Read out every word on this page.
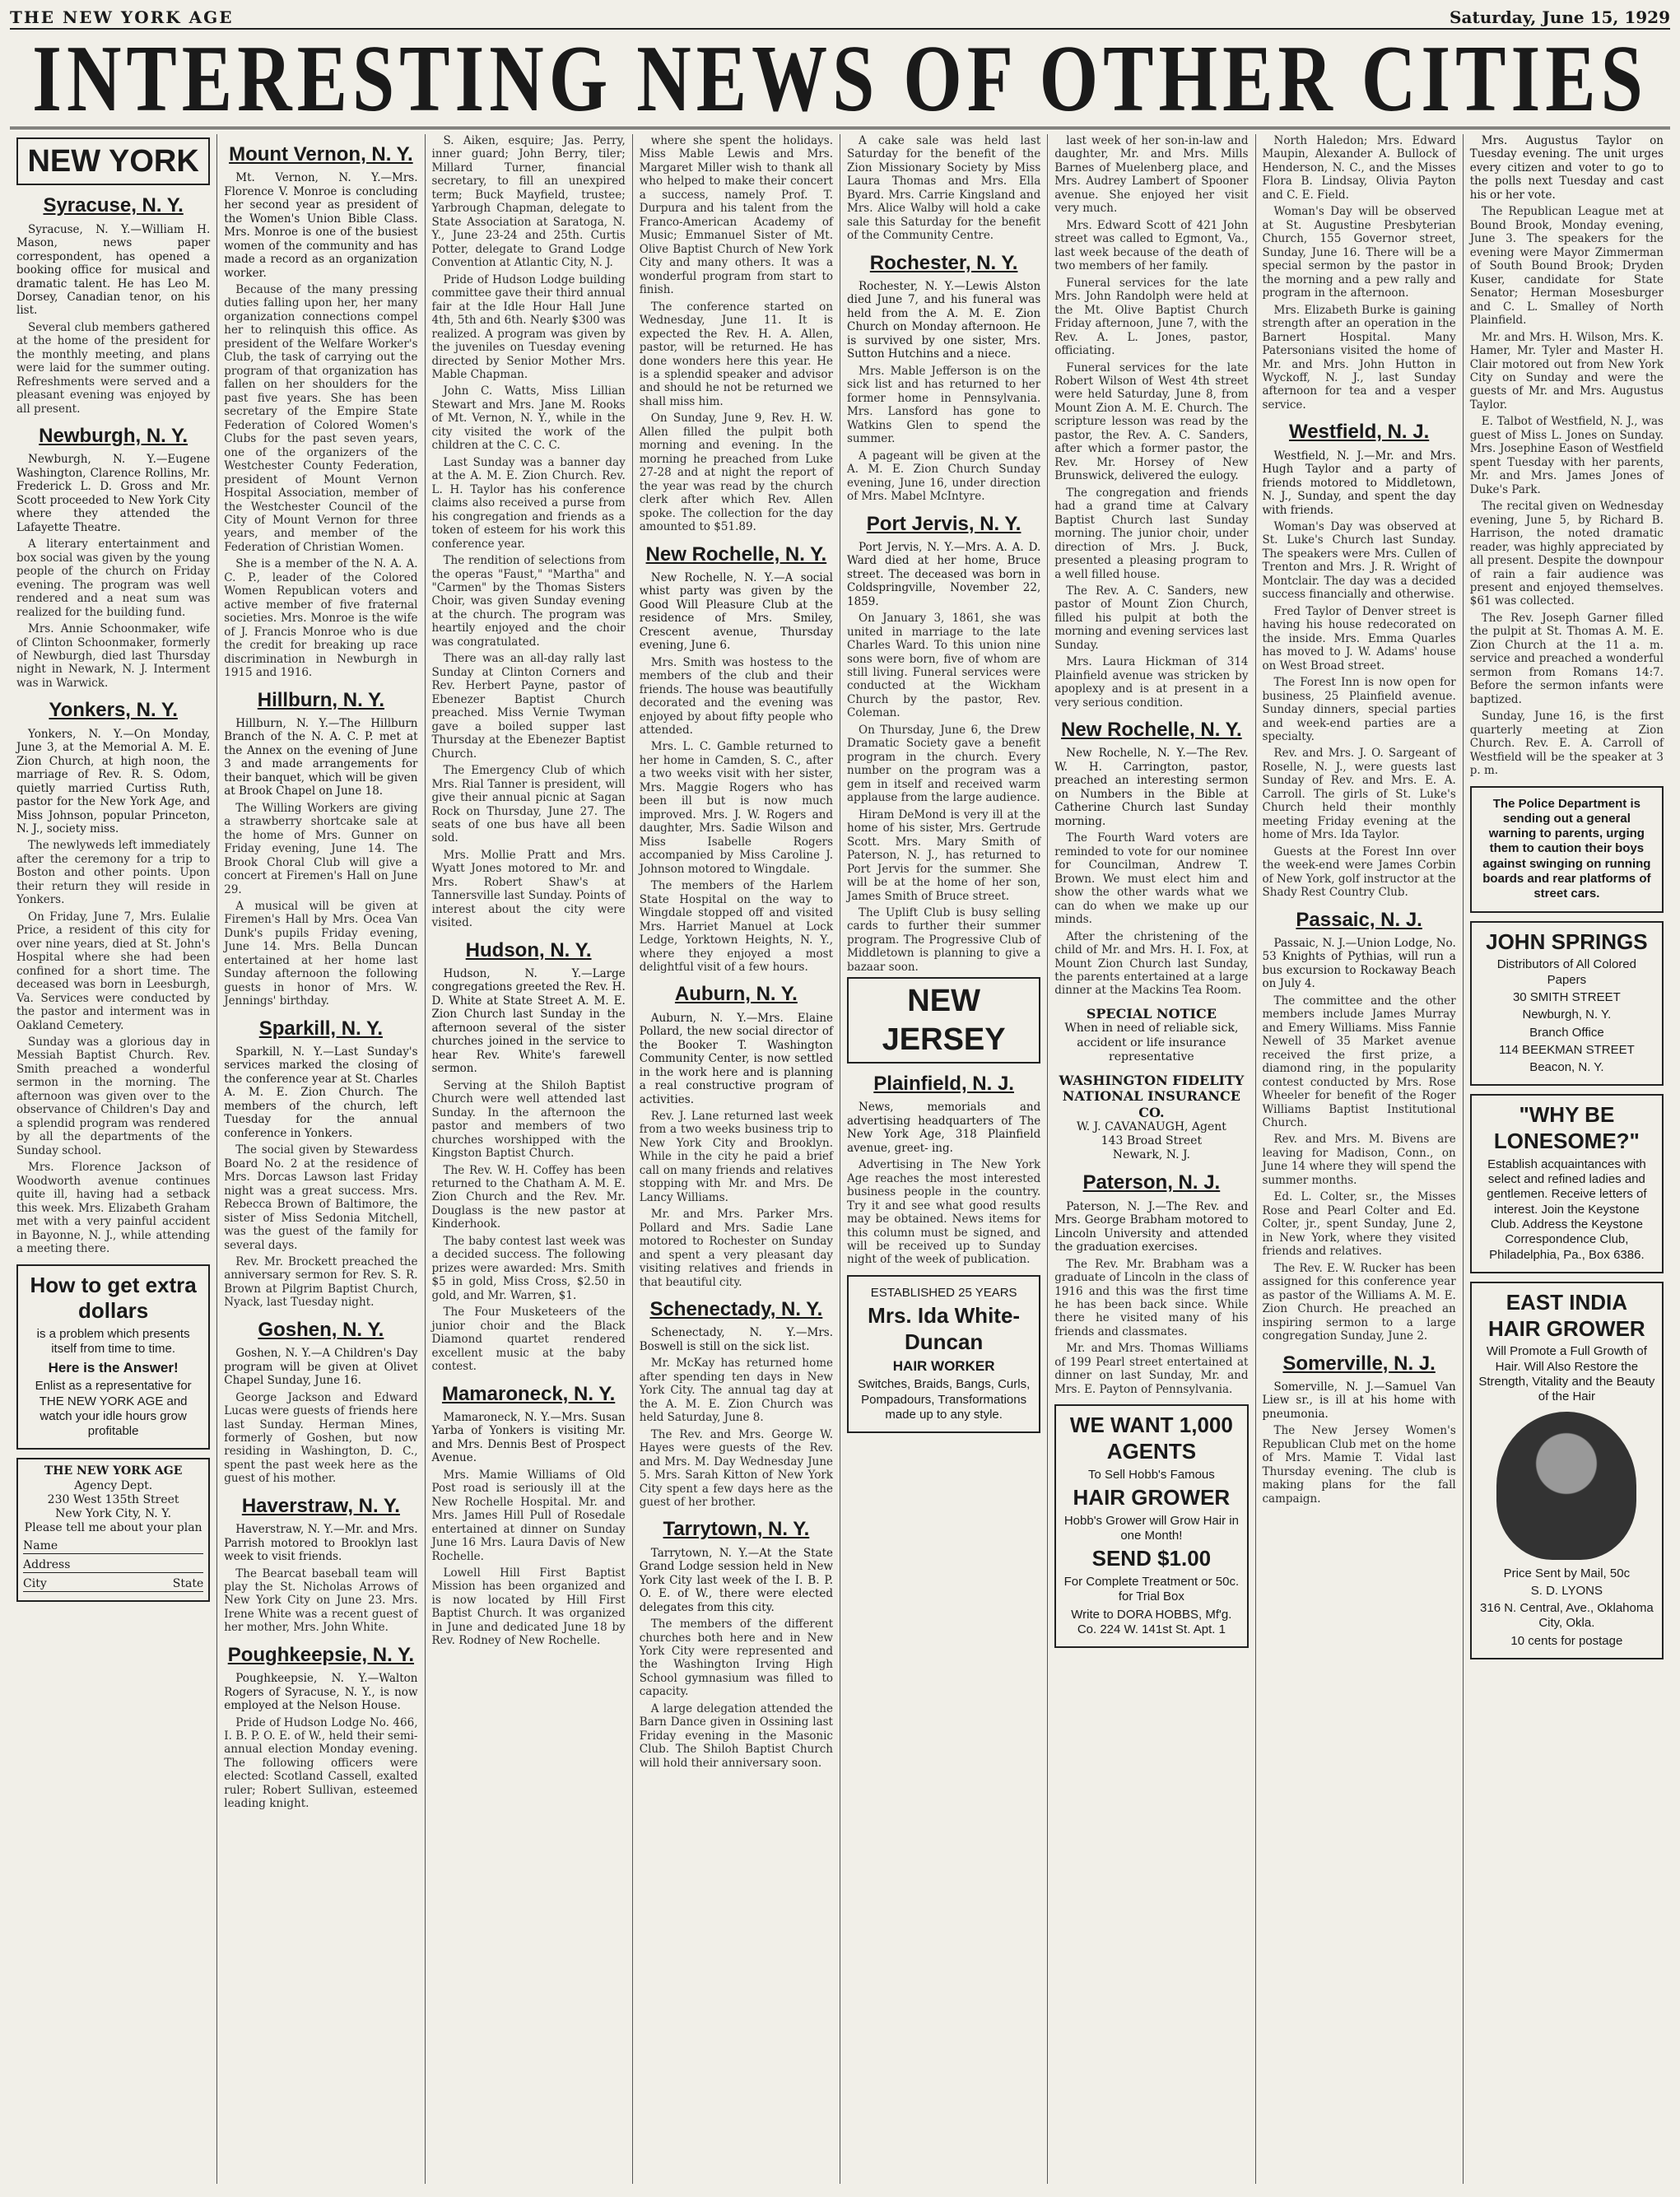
THE NEW YORK AGE	Saturday, June 15, 1929
INTERESTING NEWS OF OTHER CITIES
NEW YORK
Syracuse, N. Y.

Syracuse, N. Y.—William H. Mason, news paper correspondent, has opened a booking office for musical and dramatic talent. He has Leo M. Dorsey, Canadian tenor, on his list.

Several club members gathered at the home of the president for the monthly meeting, and plans were laid for the summer outing. Refreshments were served and a pleasant evening was enjoyed by all present.

Newburgh, N. Y.

Newburgh, N. Y.—Eugene Washington, Clarence Rollins, Mr. Frederick L. D. Gross and Mr. Scott proceeded to New York City where they attended the Lafayette Theatre.

A literary entertainment and box social was given by the young people of the church on Friday evening. The program was well rendered and a neat sum was realized for the building fund.

Mrs. Annie Schoonmaker, wife of Clinton Schoonmaker, formerly of Newburgh, died last Thursday night in Newark, N. J. Interment was in Warwick.

Yonkers, N. Y.

Yonkers, N. Y.—On Monday, June 3, at the Memorial A. M. E. Zion Church, at high noon, the marriage of Rev. R. S. Odom, quietly married Curtiss Ruth, pastor for the New York Age, and Miss Johnson, popular Princeton, N. J., society miss.

The newlyweds left immediately after the ceremony for a trip to Boston and other points. Upon their return they will reside in Yonkers.

On Friday, June 7, Mrs. Eulalie Price, a resident of this city for over nine years, died at St. John's Hospital where she had been confined for a short time. The deceased was born in Leesburgh, Va. Services were conducted by the pastor and interment was in Oakland Cemetery.

Sunday was a glorious day in Messiah Baptist Church. Rev. Smith preached a wonderful sermon in the morning. The afternoon was given over to the observance of Children's Day and a splendid program was rendered by all the departments of the Sunday school.

Mrs. Florence Jackson of Woodworth avenue continues quite ill, having had a setback this week. Mrs. Elizabeth Graham met with a very painful accident in Bayonne, N. J., while attending a meeting there.

How to get extra dollars
is a problem which presents itself from time to time.
Here is the Answer!
Enlist as a representative for THE NEW YORK AGE and watch your idle hours grow profitable
THE NEW YORK AGE
Agency Dept.
230 West 135th Street
New York City, N. Y.
Please tell me about your plan
Name
Address
City	State
Mount Vernon, N. Y.

Mt. Vernon, N. Y.—Mrs. Florence V. Monroe is concluding her second year as president of the Women's Union Bible Class. Mrs. Monroe is one of the busiest women of the community and has made a record as an organization worker.

Because of the many pressing duties falling upon her, her many organization connections compel her to relinquish this office. As president of the Welfare Worker's Club, the task of carrying out the program of that organization has fallen on her shoulders for the past five years. She has been secretary of the Empire State Federation of Colored Women's Clubs for the past seven years, one of the organizers of the Westchester County Federation, president of Mount Vernon Hospital Association, member of the Westchester Council of the City of Mount Vernon for three years, and member of the Federation of Christian Women.

She is a member of the N. A. A. C. P., leader of the Colored Women Republican voters and active member of five fraternal societies. Mrs. Monroe is the wife of J. Francis Monroe who is due the credit for breaking up race discrimination in Newburgh in 1915 and 1916.

Hillburn, N. Y.

Hillburn, N. Y.—The Hillburn Branch of the N. A. C. P. met at the Annex on the evening of June 3 and made arrangements for their banquet, which will be given at Brook Chapel on June 18.

The Willing Workers are giving a strawberry shortcake sale at the home of Mrs. Gunner on Friday evening, June 14. The Brook Choral Club will give a concert at Firemen's Hall on June 29.

A musical will be given at Firemen's Hall by Mrs. Ocea Van Dunk's pupils Friday evening, June 14. Mrs. Bella Duncan entertained at her home last Sunday afternoon the following guests in honor of Mrs. W. Jennings' birthday.

Sparkill, N. Y.

Sparkill, N. Y.—Last Sunday's services marked the closing of the conference year at St. Charles A. M. E. Zion Church. The members of the church, left Tuesday for the annual conference in Yonkers.

The social given by Stewardess Board No. 2 at the residence of Mrs. Dorcas Lawson last Friday night was a great success. Mrs. Rebecca Brown of Baltimore, the sister of Miss Sedonia Mitchell, was the guest of the family for several days.

Rev. Mr. Brockett preached the anniversary sermon for Rev. S. R. Brown at Pilgrim Baptist Church, Nyack, last Tuesday night.

Goshen, N. Y.

Goshen, N. Y.—A Children's Day program will be given at Olivet Chapel Sunday, June 16.

George Jackson and Edward Lucas were guests of friends here last Sunday. Herman Mines, formerly of Goshen, but now residing in Washington, D. C., spent the past week here as the guest of his mother.

Haverstraw, N. Y.

Haverstraw, N. Y.—Mr. and Mrs. Parrish motored to Brooklyn last week to visit friends.

The Bearcat baseball team will play the St. Nicholas Arrows of New York City on June 23. Mrs. Irene White was a recent guest of her mother, Mrs. John White.

Poughkeepsie, N. Y.

Poughkeepsie, N. Y.—Walton Rogers of Syracuse, N. Y., is now employed at the Nelson House.

Pride of Hudson Lodge No. 466, I. B. P. O. E. of W., held their semi-annual election Monday evening. The following officers were elected: Scotland Cassell, exalted ruler; Robert Sullivan, esteemed leading knight.

S. Aiken, esquire; Jas. Perry, inner guard; John Berry, tiler; Millard Turner, financial secretary, to fill an unexpired term; Buck Mayfield, trustee; Yarbrough Chapman, delegate to State Association at Saratoga, N. Y., June 23-24 and 25th. Curtis Potter, delegate to Grand Lodge Convention at Atlantic City, N. J.

Pride of Hudson Lodge building committee gave their third annual fair at the Idle Hour Hall June 4th, 5th and 6th. Nearly $300 was realized. A program was given by the juveniles on Tuesday evening directed by Senior Mother Mrs. Mable Chapman.

John C. Watts, Miss Lillian Stewart and Mrs. Jane M. Rooks of Mt. Vernon, N. Y., while in the city visited the work of the children at the C. C. C.

Last Sunday was a banner day at the A. M. E. Zion Church. Rev. L. H. Taylor has his conference claims also received a purse from his congregation and friends as a token of esteem for his work this conference year.

The rendition of selections from the operas "Faust," "Martha" and "Carmen" by the Thomas Sisters Choir, was given Sunday evening at the church. The program was heartily enjoyed and the choir was congratulated.

There was an all-day rally last Sunday at Clinton Corners and Rev. Herbert Payne, pastor of Ebenezer Baptist Church preached. Miss Vernie Twyman gave a boiled supper last Thursday at the Ebenezer Baptist Church.

The Emergency Club of which Mrs. Rial Tanner is president, will give their annual picnic at Sagan Rock on Thursday, June 27. The seats of one bus have all been sold.

Mrs. Mollie Pratt and Mrs. Wyatt Jones motored to Mr. and Mrs. Robert Shaw's at Tannersville last Sunday. Points of interest about the city were visited.

Hudson, N. Y.

Hudson, N. Y.—Large congregations greeted the Rev. H. D. White at State Street A. M. E. Zion Church last Sunday in the afternoon several of the sister churches joined in the service to hear Rev. White's farewell sermon.

Serving at the Shiloh Baptist Church were well attended last Sunday. In the afternoon the pastor and members of two churches worshipped with the Kingston Baptist Church.

The Rev. W. H. Coffey has been returned to the Chatham A. M. E. Zion Church and the Rev. Mr. Douglass is the new pastor at Kinderhook.

The baby contest last week was a decided success. The following prizes were awarded: Mrs. Smith $5 in gold, Miss Cross, $2.50 in gold, and Mr. Warren, $1.

The Four Musketeers of the junior choir and the Black Diamond quartet rendered excellent music at the baby contest.

Mamaroneck, N. Y.

Mamaroneck, N. Y.—Mrs. Susan Yarba of Yonkers is visiting Mr. and Mrs. Dennis Best of Prospect Avenue.

Mrs. Mamie Williams of Old Post road is seriously ill at the New Rochelle Hospital. Mr. and Mrs. James Hill Pull of Rosedale entertained at dinner on Sunday June 16 Mrs. Laura Davis of New Rochelle.

Lowell Hill First Baptist Mission has been organized and is now located by Hill First Baptist Church. It was organized in June and dedicated June 18 by Rev. Rodney of New Rochelle.

where she spent the holidays. Miss Mable Lewis and Mrs. Margaret Miller wish to thank all who helped to make their concert a success, namely Prof. T. Durpura and his talent from the Franco-American Academy of Music; Emmanuel Sister of Mt. Olive Baptist Church of New York City and many others. It was a wonderful program from start to finish.

The conference started on Wednesday, June 11. It is expected the Rev. H. A. Allen, pastor, will be returned. He has done wonders here this year. He is a splendid speaker and advisor and should he not be returned we shall miss him.

On Sunday, June 9, Rev. H. W. Allen filled the pulpit both morning and evening. In the morning he preached from Luke 27-28 and at night the report of the year was read by the church clerk after which Rev. Allen spoke. The collection for the day amounted to $51.89.

New Rochelle, N. Y.

New Rochelle, N. Y.—A social whist party was given by the Good Will Pleasure Club at the residence of Mrs. Smiley, Crescent avenue, Thursday evening, June 6.

Mrs. Smith was hostess to the members of the club and their friends. The house was beautifully decorated and the evening was enjoyed by about fifty people who attended.

Mrs. L. C. Gamble returned to her home in Camden, S. C., after a two weeks visit with her sister, Mrs. Maggie Rogers who has been ill but is now much improved. Mrs. J. W. Rogers and daughter, Mrs. Sadie Wilson and Miss Isabelle Rogers accompanied by Miss Caroline J. Johnson motored to Wingdale.

The members of the Harlem State Hospital on the way to Wingdale stopped off and visited Mrs. Harriet Manuel at Lock Ledge, Yorktown Heights, N. Y., where they enjoyed a most delightful visit of a few hours.

Auburn, N. Y.

Auburn, N. Y.—Mrs. Elaine Pollard, the new social director of the Booker T. Washington Community Center, is now settled in the work here and is planning a real constructive program of activities.

Rev. J. Lane returned last week from a two weeks business trip to New York City and Brooklyn. While in the city he paid a brief call on many friends and relatives stopping with Mr. and Mrs. De Lancy Williams.

Mr. and Mrs. Parker Mrs. Pollard and Mrs. Sadie Lane motored to Rochester on Sunday and spent a very pleasant day visiting relatives and friends in that beautiful city.

Schenectady, N. Y.

Schenectady, N. Y.—Mrs. Boswell is still on the sick list.

Mr. McKay has returned home after spending ten days in New York City. The annual tag day at the A. M. E. Zion Church was held Saturday, June 8.

The Rev. and Mrs. George W. Hayes were guests of the Rev. and Mrs. M. Day Wednesday June 5. Mrs. Sarah Kitton of New York City spent a few days here as the guest of her brother.

Tarrytown, N. Y.

Tarrytown, N. Y.—At the State Grand Lodge session held in New York City last week of the I. B. P. O. E. of W., there were elected delegates from this city.

The members of the different churches both here and in New York City were represented and the Washington Irving High School gymnasium was filled to capacity.

A large delegation attended the Barn Dance given in Ossining last Friday evening in the Masonic Club. The Shiloh Baptist Church will hold their anniversary soon.

A cake sale was held last Saturday for the benefit of the Zion Missionary Society by Miss Laura Thomas and Mrs. Ella Byard. Mrs. Carrie Kingsland and Mrs. Alice Walby will hold a cake sale this Saturday for the benefit of the Community Centre.

Rochester, N. Y.

Rochester, N. Y.—Lewis Alston died June 7, and his funeral was held from the A. M. E. Zion Church on Monday afternoon. He is survived by one sister, Mrs. Sutton Hutchins and a niece.

Mrs. Mable Jefferson is on the sick list and has returned to her former home in Pennsylvania. Mrs. Lansford has gone to Watkins Glen to spend the summer.

A pageant will be given at the A. M. E. Zion Church Sunday evening, June 16, under direction of Mrs. Mabel McIntyre.

Port Jervis, N. Y.

Port Jervis, N. Y.—Mrs. A. A. D. Ward died at her home, Bruce street. The deceased was born in Coldspringville, November 22, 1859.

On January 3, 1861, she was united in marriage to the late Charles Ward. To this union nine sons were born, five of whom are still living. Funeral services were conducted at the Wickham Church by the pastor, Rev. Coleman.

On Thursday, June 6, the Drew Dramatic Society gave a benefit program in the church. Every number on the program was a gem in itself and received warm applause from the large audience.

Hiram DeMond is very ill at the home of his sister, Mrs. Gertrude Scott. Mrs. Mary Smith of Paterson, N. J., has returned to Port Jervis for the summer. She will be at the home of her son, James Smith of Bruce street.

The Uplift Club is busy selling cards to further their summer program. The Progressive Club of Middletown is planning to give a bazaar soon.

NEW JERSEY
Plainfield, N. J.

News, memorials and advertising headquarters of The New York Age, 318 Plainfield avenue, greet- ing.

Advertising in The New York Age reaches the most interested business people in the country. Try it and see what good results may be obtained. News items for this column must be signed, and will be received up to Sunday night of the week of publication.

ESTABLISHED 25 YEARS
Mrs. Ida White-Duncan
HAIR WORKER
Switches, Braids, Bangs, Curls, Pompadours, Transformations made up to any style.

last week of her son-in-law and daughter, Mr. and Mrs. Mills Barnes of Muelenberg place, and Mrs. Audrey Lambert of Spooner avenue. She enjoyed her visit very much.

Mrs. Edward Scott of 421 John street was called to Egmont, Va., last week because of the death of two members of her family.

Funeral services for the late Mrs. John Randolph were held at the Mt. Olive Baptist Church Friday afternoon, June 7, with the Rev. A. L. Jones, pastor, officiating.

Funeral services for the late Robert Wilson of West 4th street were held Saturday, June 8, from Mount Zion A. M. E. Church. The scripture lesson was read by the pastor, the Rev. A. C. Sanders, after which a former pastor, the Rev. Mr. Horsey of New Brunswick, delivered the eulogy.

The congregation and friends had a grand time at Calvary Baptist Church last Sunday morning. The junior choir, under direction of Mrs. J. Buck, presented a pleasing program to a well filled house.

The Rev. A. C. Sanders, new pastor of Mount Zion Church, filled his pulpit at both the morning and evening services last Sunday.

Mrs. Laura Hickman of 314 Plainfield avenue was stricken by apoplexy and is at present in a very serious condition.

New Rochelle, N. Y.

New Rochelle, N. Y.—The Rev. W. H. Carrington, pastor, preached an interesting sermon on Numbers in the Bible at Catherine Church last Sunday morning.

The Fourth Ward voters are reminded to vote for our nominee for Councilman, Andrew T. Brown. We must elect him and show the other wards what we can do when we make up our minds.

After the christening of the child of Mr. and Mrs. H. I. Fox, at Mount Zion Church last Sunday, the parents entertained at a large dinner at the Mackins Tea Room.

SPECIAL NOTICE
When in need of reliable sick, accident or life insurance representative
WASHINGTON FIDELITY NATIONAL INSURANCE CO.
W. J. CAVANAUGH, Agent
143 Broad Street
Newark, N. J.
Paterson, N. J.

Paterson, N. J.—The Rev. and Mrs. George Brabham motored to Lincoln University and attended the graduation exercises.

The Rev. Mr. Brabham was a graduate of Lincoln in the class of 1916 and this was the first time he has been back since. While there he visited many of his friends and classmates.

Mr. and Mrs. Thomas Williams of 199 Pearl street entertained at dinner on last Sunday, Mr. and Mrs. E. Payton of Pennsylvania.

WE WANT 1,000 AGENTS
To Sell Hobb's Famous
HAIR GROWER
Hobb's Grower will Grow Hair in one Month!
SEND $1.00
For Complete Treatment or 50c. for Trial Box
Write to DORA HOBBS, Mf'g. Co. 224 W. 141st St. Apt. 1

North Haledon; Mrs. Edward Maupin, Alexander A. Bullock of Henderson, N. C., and the Misses Flora B. Lindsay, Olivia Payton and C. E. Field.

Woman's Day will be observed at St. Augustine Presbyterian Church, 155 Governor street, Sunday, June 16. There will be a special sermon by the pastor in the morning and a pew rally and program in the afternoon.

Mrs. Elizabeth Burke is gaining strength after an operation in the Barnert Hospital. Many Patersonians visited the home of Mr. and Mrs. John Hutton in Wyckoff, N. J., last Sunday afternoon for tea and a vesper service.

Westfield, N. J.

Westfield, N. J.—Mr. and Mrs. Hugh Taylor and a party of friends motored to Middletown, N. J., Sunday, and spent the day with friends.

Woman's Day was observed at St. Luke's Church last Sunday. The speakers were Mrs. Cullen of Trenton and Mrs. J. R. Wright of Montclair. The day was a decided success financially and otherwise.

Fred Taylor of Denver street is having his house redecorated on the inside. Mrs. Emma Quarles has moved to J. W. Adams' house on West Broad street.

The Forest Inn is now open for business, 25 Plainfield avenue. Sunday dinners, special parties and week-end parties are a specialty.

Rev. and Mrs. J. O. Sargeant of Roselle, N. J., were guests last Sunday of Rev. and Mrs. E. A. Carroll. The girls of St. Luke's Church held their monthly meeting Friday evening at the home of Mrs. Ida Taylor.

Guests at the Forest Inn over the week-end were James Corbin of New York, golf instructor at the Shady Rest Country Club.

Passaic, N. J.

Passaic, N. J.—Union Lodge, No. 53 Knights of Pythias, will run a bus excursion to Rockaway Beach on July 4.

The committee and the other members include James Murray and Emery Williams. Miss Fannie Newell of 35 Market avenue received the first prize, a diamond ring, in the popularity contest conducted by Mrs. Rose Wheeler for benefit of the Roger Williams Baptist Institutional Church.

Rev. and Mrs. M. Bivens are leaving for Madison, Conn., on June 14 where they will spend the summer months.

Ed. L. Colter, sr., the Misses Rose and Pearl Colter and Ed. Colter, jr., spent Sunday, June 2, in New York, where they visited friends and relatives.

The Rev. E. W. Rucker has been assigned for this conference year as pastor of the Williams A. M. E. Zion Church. He preached an inspiring sermon to a large congregation Sunday, June 2.

Somerville, N. J.

Somerville, N. J.—Samuel Van Liew sr., is ill at his home with pneumonia.

The New Jersey Women's Republican Club met on the home of Mrs. Mamie T. Vidal last Thursday evening. The club is making plans for the fall campaign.

Mrs. Augustus Taylor on Tuesday evening. The unit urges every citizen and voter to go to the polls next Tuesday and cast his or her vote.

The Republican League met at Bound Brook, Monday evening, June 3. The speakers for the evening were Mayor Zimmerman of South Bound Brook; Dryden Kuser, candidate for State Senator; Herman Mosesburger and C. L. Smalley of North Plainfield.

Mr. and Mrs. H. Wilson, Mrs. K. Hamer, Mr. Tyler and Master H. Clair motored out from New York City on Sunday and were the guests of Mr. and Mrs. Augustus Taylor.

E. Talbot of Westfield, N. J., was guest of Miss L. Jones on Sunday. Mrs. Josephine Eason of Westfield spent Tuesday with her parents, Mr. and Mrs. James Jones of Duke's Park.

The recital given on Wednesday evening, June 5, by Richard B. Harrison, the noted dramatic reader, was highly appreciated by all present. Despite the downpour of rain a fair audience was present and enjoyed themselves. $61 was collected.

The Rev. Joseph Garner filled the pulpit at St. Thomas A. M. E. Zion Church at the 11 a. m. service and preached a wonderful sermon from Romans 14:7. Before the sermon infants were baptized.

Sunday, June 16, is the first quarterly meeting at Zion Church. Rev. E. A. Carroll of Westfield will be the speaker at 3 p. m.

The Police Department is sending out a general warning to parents, urging them to caution their boys against swinging on running boards and rear platforms of street cars.
JOHN SPRINGS
Distributors of All Colored Papers
30 SMITH STREET
Newburgh, N. Y.
Branch Office
114 BEEKMAN STREET
Beacon, N. Y.
"WHY BE LONESOME?"
Establish acquaintances with select and refined ladies and gentlemen. Receive letters of interest. Join the Keystone Club. Address the Keystone Correspondence Club, Philadelphia, Pa., Box 6386.
EAST INDIA HAIR GROWER
Will Promote a Full Growth of Hair. Will Also Restore the Strength, Vitality and the Beauty of the Hair
Price Sent by Mail, 50c
S. D. LYONS
316 N. Central, Ave., Oklahoma City, Okla.
10 cents for postage
